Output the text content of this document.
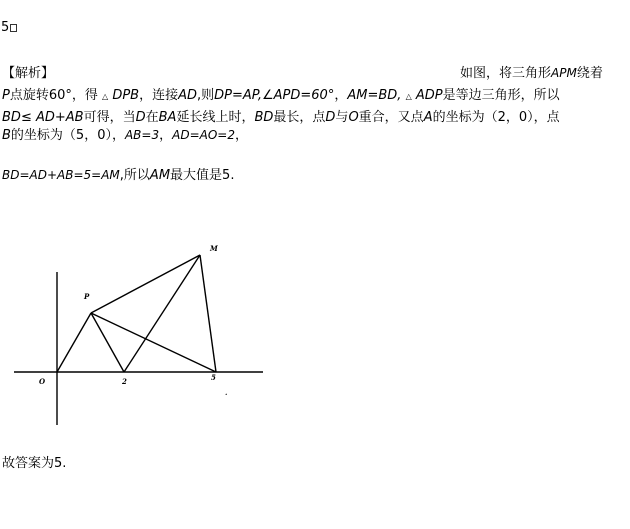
5
【解析】	如图，将三角形APM绕着
P点旋转60°，得 △ DPB，连接AD,则DP=AP,∠APD=60°，AM=BD, △ ADP是等边三角形，所以
BD≤ AD+AB可得，当D在BA延长线上时，BD最长，点D与O重合，又点A的坐标为（2，0），点
B的坐标为（5，0），AB=3，AD=AO=2，
BD=AD+AB=5=AM,所以AM最大值是5.
M
P
O	2	5
.
故答案为5.
